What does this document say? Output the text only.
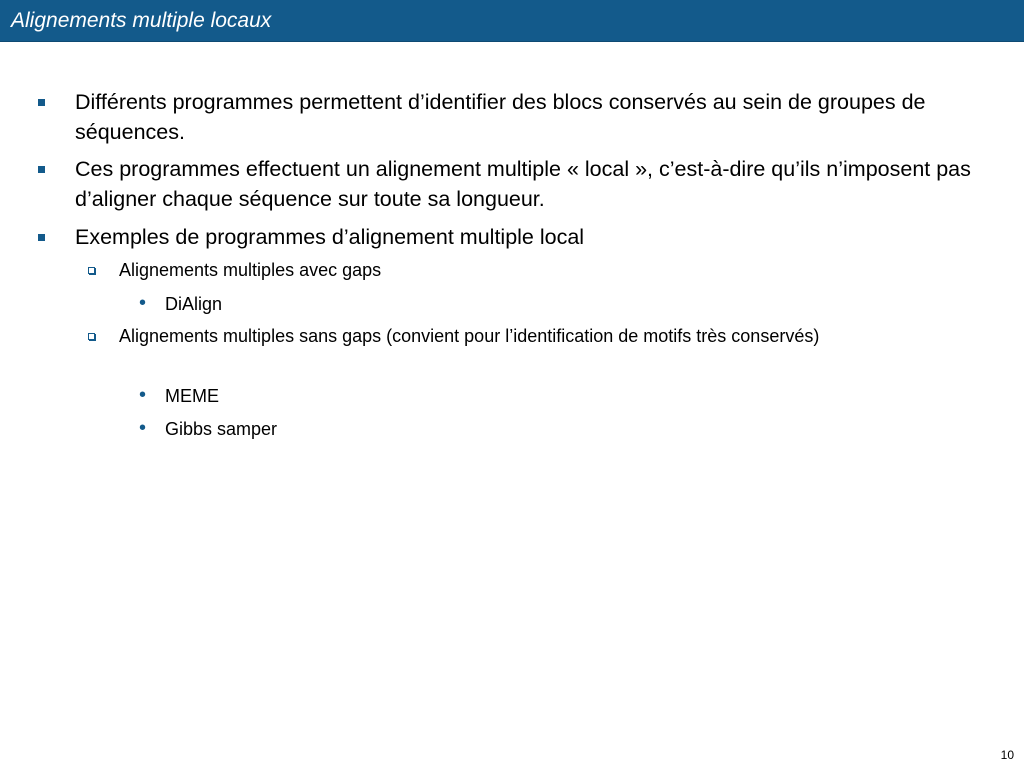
Alignements multiple locaux
Différents programmes permettent d’identifier des blocs conservés au sein de groupes de séquences.
Ces programmes effectuent un alignement multiple « local », c’est-à-dire qu’ils n’imposent pas d’aligner chaque séquence sur toute sa longueur.
Exemples de programmes d’alignement multiple local
Alignements multiples avec gaps
• DiAlign
Alignements multiples sans gaps (convient pour l’identification de motifs très conservés)
• MEME
• Gibbs samper
10
